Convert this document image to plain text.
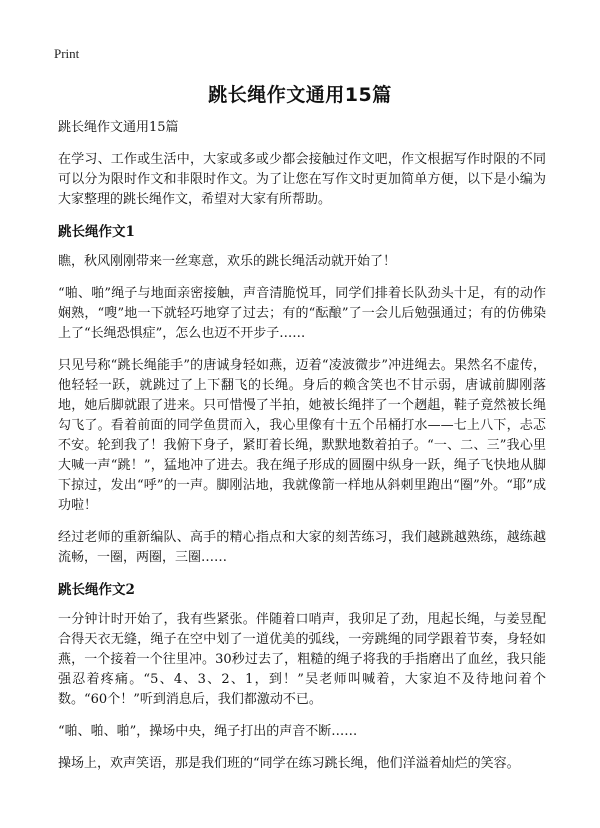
Print
跳长绳作文通用15篇

跳长绳作文通用15篇

在学习、工作或生活中，大家或多或少都会接触过作文吧，作文根据写作时限的不同可以分为限时作文和非限时作文。为了让您在写作文时更加简单方便，以下是小编为大家整理的跳长绳作文，希望对大家有所帮助。

跳长绳作文1

瞧，秋风刚刚带来一丝寒意，欢乐的跳长绳活动就开始了！

“啪、啪”绳子与地面亲密接触，声音清脆悦耳，同学们排着长队劲头十足，有的动作娴熟，“嗖”地一下就轻巧地穿了过去；有的“酝酿”了一会儿后勉强通过；有的仿佛染上了“长绳恐惧症”，怎么也迈不开步子……

只见号称“跳长绳能手”的唐诚身轻如燕，迈着“凌波微步”冲进绳去。果然名不虚传，他轻轻一跃，就跳过了上下翻飞的长绳。身后的赖含笑也不甘示弱，唐诚前脚刚落地，她后脚就跟了进来。只可惜慢了半拍，她被长绳拌了一个趔趄，鞋子竟然被长绳勾飞了。看着前面的同学鱼贯而入，我心里像有十五个吊桶打水——七上八下，忐忑不安。轮到我了！我俯下身子，紧盯着长绳，默默地数着拍子。“一、二、三”我心里大喊一声“跳！”，猛地冲了进去。我在绳子形成的圆圈中纵身一跃，绳子飞快地从脚下掠过，发出“呼”的一声。脚刚沾地，我就像箭一样地从斜刺里跑出“圈”外。“耶”成功啦！

经过老师的重新编队、高手的精心指点和大家的刻苦练习，我们越跳越熟练，越练越流畅，一圈，两圈，三圈……

跳长绳作文2

一分钟计时开始了，我有些紧张。伴随着口哨声，我卯足了劲，甩起长绳，与姜昱配合得天衣无缝，绳子在空中划了一道优美的弧线，一旁跳绳的同学跟着节奏，身轻如燕，一个接着一个往里冲。30秒过去了，粗糙的绳子将我的手指磨出了血丝，我只能强忍着疼痛。“5、4、3、2、1，到！”吴老师叫喊着，大家迫不及待地问着个数。“60个！”听到消息后，我们都激动不已。

“啪、啪、啪”，操场中央，绳子打出的声音不断……

操场上，欢声笑语，那是我们班的“同学在练习跳长绳，他们洋溢着灿烂的笑容。
